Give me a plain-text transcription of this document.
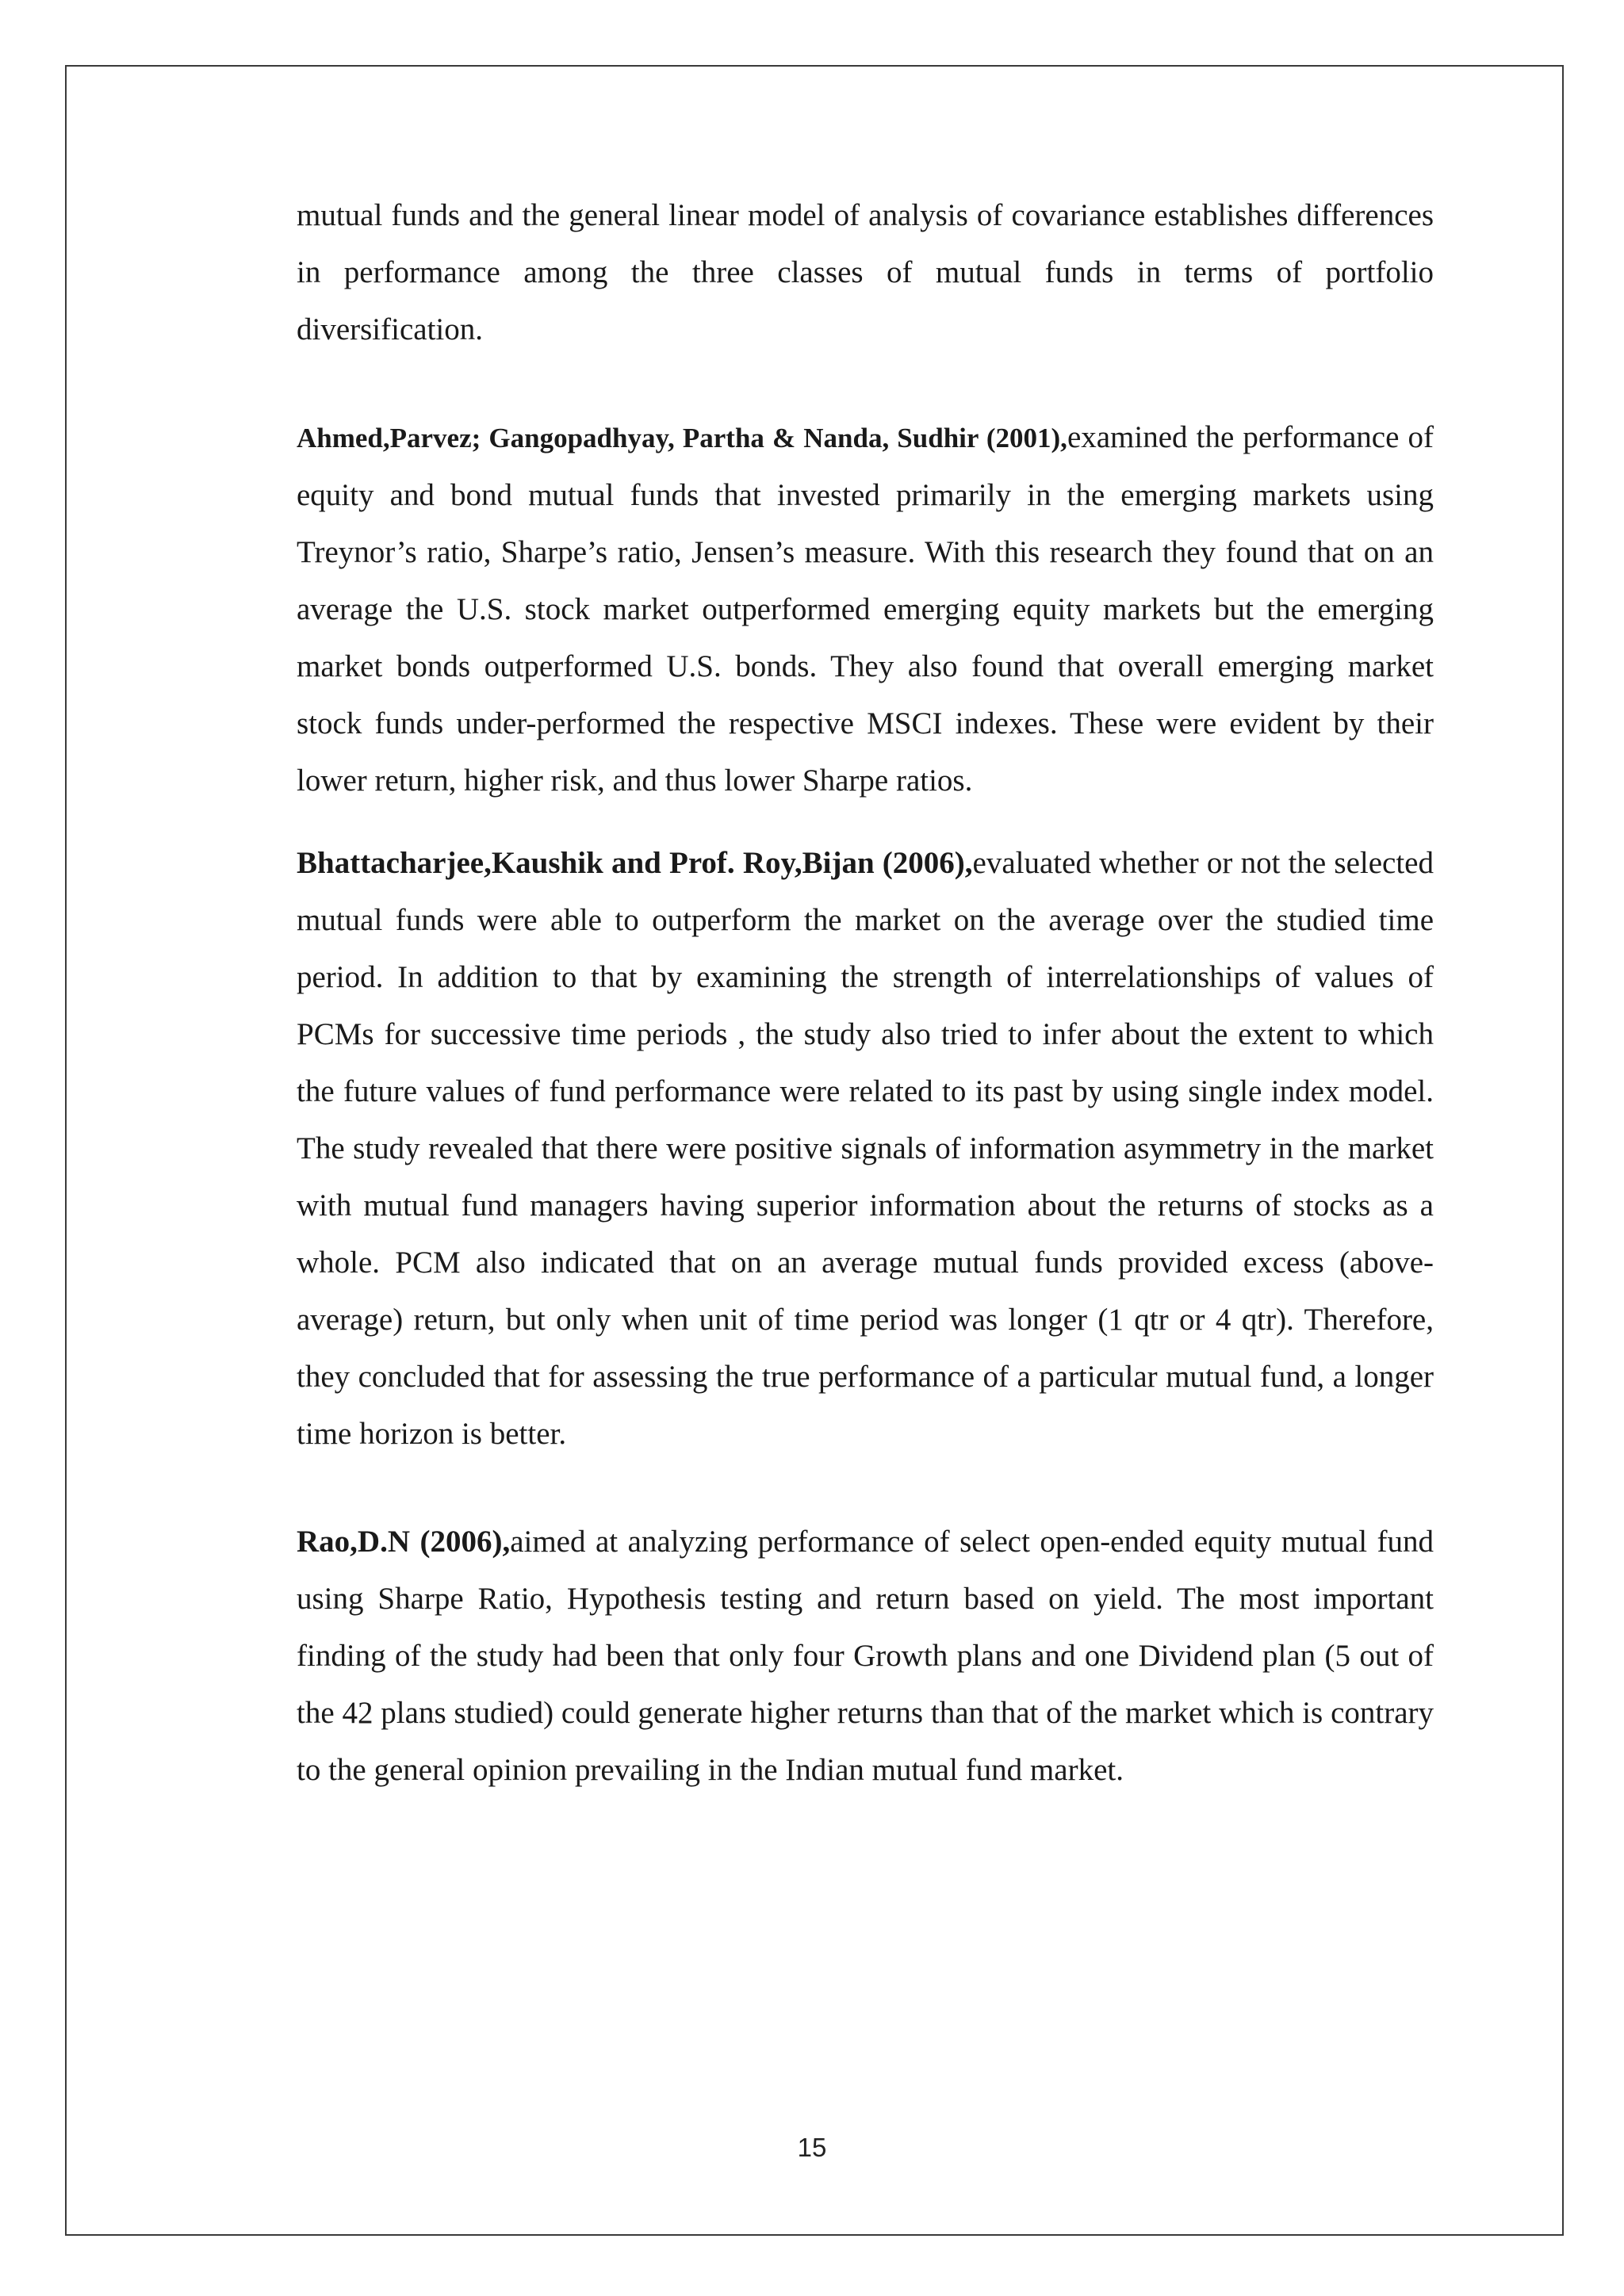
mutual funds and the general linear model of analysis of covariance establishes differences in performance among the three classes of mutual funds in terms of portfolio diversification.

Ahmed,Parvez; Gangopadhyay, Partha & Nanda, Sudhir (2001),examined the performance of equity and bond mutual funds that invested primarily in the emerging markets using Treynor’s ratio, Sharpe’s ratio, Jensen’s measure. With this research they found that on an average the U.S. stock market outperformed emerging equity markets but the emerging market bonds outperformed U.S. bonds. They also found that overall emerging market stock funds under-performed the respective MSCI indexes. These were evident by their lower return, higher risk, and thus lower Sharpe ratios.

Bhattacharjee,Kaushik and Prof. Roy,Bijan (2006),evaluated whether or not the selected mutual funds were able to outperform the market on the average over the studied time period. In addition to that by examining the strength of interrelationships of values of PCMs for successive time periods , the study also tried to infer about the extent to which the future values of fund performance were related to its past by using single index model. The study revealed that there were positive signals of information asymmetry in the market with mutual fund managers having superior information about the returns of stocks as a whole. PCM also indicated that on an average mutual funds provided excess (above-average) return, but only when unit of time period was longer (1 qtr or 4 qtr). Therefore, they concluded that for assessing the true performance of a particular mutual fund, a longer time horizon is better.

Rao,D.N (2006),aimed at analyzing performance of select open-ended equity mutual fund using Sharpe Ratio, Hypothesis testing and return based on yield. The most important finding of the study had been that only four Growth plans and one Dividend plan (5 out of the 42 plans studied) could generate higher returns than that of the market which is contrary to the general opinion prevailing in the Indian mutual fund market.

15
